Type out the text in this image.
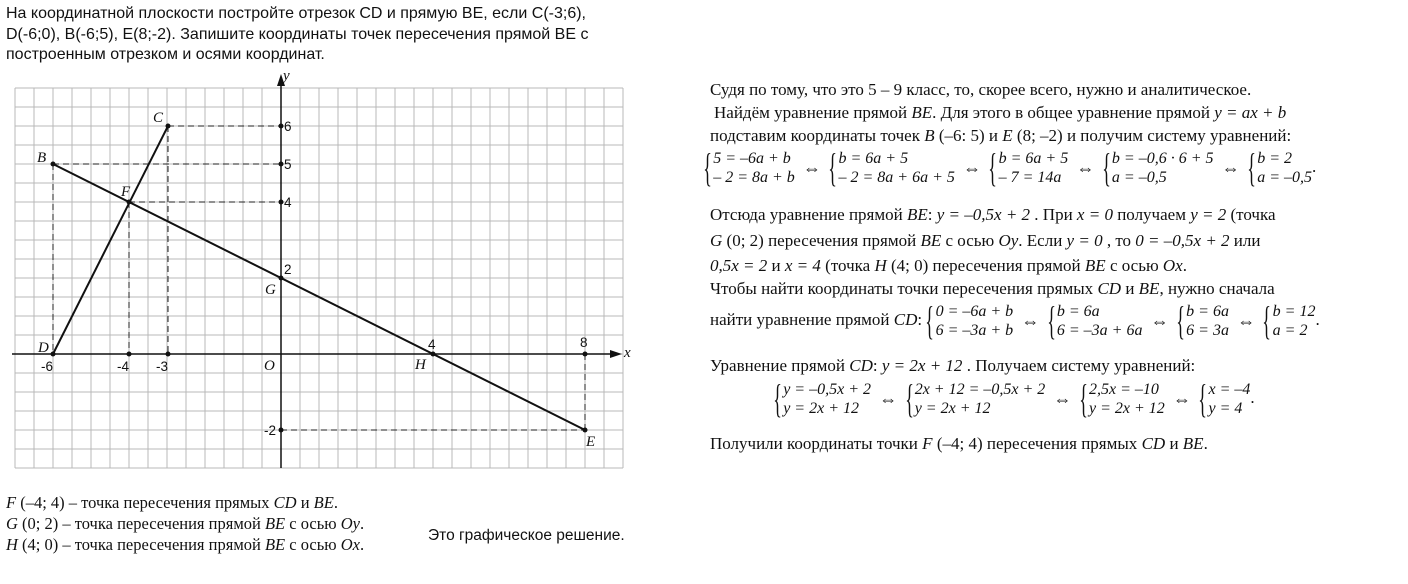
На координатной плоскости постройте отрезок CD и прямую BE, если C(-3;6),
D(-6;0), B(-6;5), E(8;-2). Запишите координаты точек пересечения прямой BE с
построенным отрезком и осями координат.
x
y
B
C
D
E
F
G
H
O
-6	-4 -3
4	8
6
5
4
2
-2
F (–4; 4) – точка пересечения прямых CD и BE.
G (0; 2) – точка пересечения прямой BE с осью Oy.
H (4; 0) – точка пересечения прямой BE с осью Ox.	Это графическое решение.
Судя по тому, что это 5 – 9 класс, то, скорее всего, нужно и аналитическое.
Найдём уравнение прямой BE. Для этого в общее уравнение прямой y = ax + b
подставим координаты точек B (–6: 5) и E (8; –2) и получим систему уравнений:
{ 5 = –6a + b
– 2 = 8a + b ⇔ { b = 6a + 5
– 2 = 8a + 6a + 5 ⇔ { b = 6a + 5
– 7 = 14a ⇔ { b = –0,6 · 6 + 5
a = –0,5	⇔ { b = 2
a = –0,5
.
Отсюда уравнение прямой BE: y = –0,5x + 2 . При x = 0 получаем y = 2 (точка
G (0; 2) пересечения прямой BE с осью Oy. Если y = 0 , то 0 = –0,5x + 2 или
0,5x = 2 и x = 4 (точка H (4; 0) пересечения прямой BE с осью Ox.
Чтобы найти координаты точки пересечения прямых CD и BE, нужно сначала
найти уравнение прямой CD: { 0 = –6a + b
6 = –3a + b ⇔ { b = 6a
6 = –3a + 6a ⇔ { b = 6a
6 = 3a ⇔ { b = 12
a = 2
.
Уравнение прямой CD: y = 2x + 12 . Получаем систему уравнений:
{ y = –0,5x + 2
y = 2x + 12	⇔ { 2x + 12 = –0,5x + 2
y = 2x + 12	⇔ { 2,5x = –10
y = 2x + 12 ⇔ { x = –4
y = 4
.
Получили координаты точки F (–4; 4) пересечения прямых CD и BE.
